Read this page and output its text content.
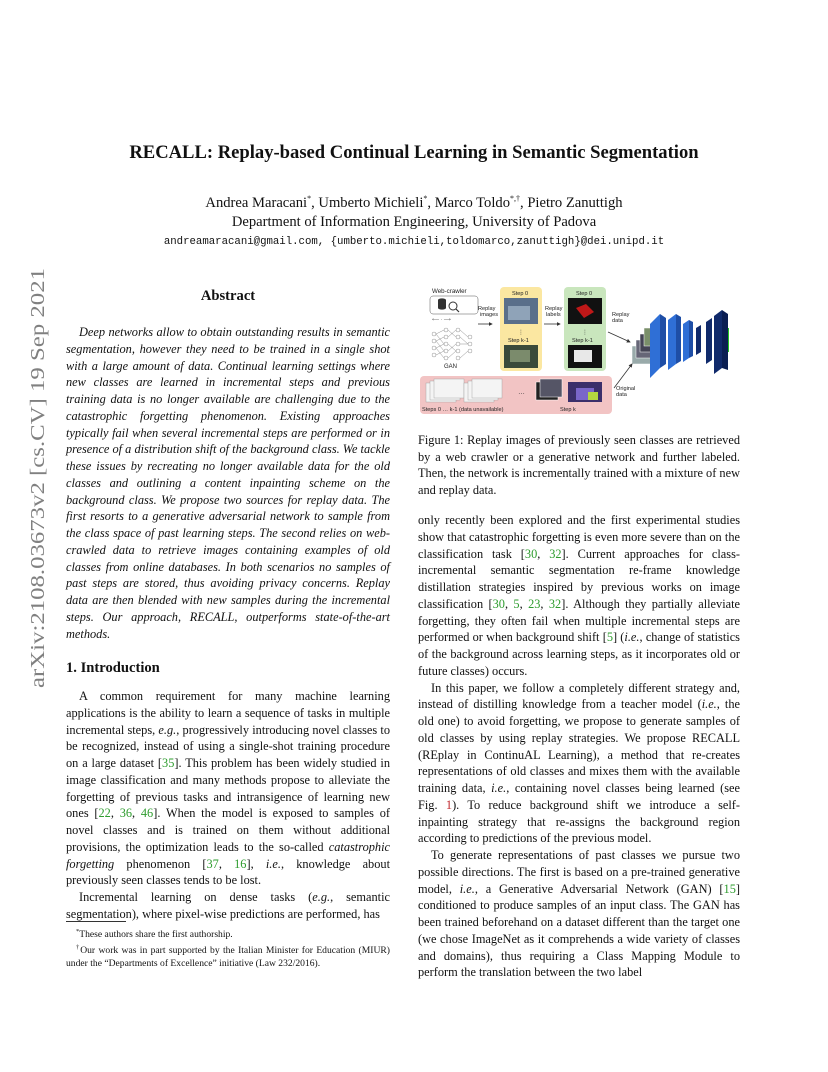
arXiv:2108.03673v2 [cs.CV] 19 Sep 2021
RECALL: Replay-based Continual Learning in Semantic Segmentation
Andrea Maracani*, Umberto Michieli*, Marco Toldo*,†, Pietro Zanuttigh
Department of Information Engineering, University of Padova
andreamaracani@gmail.com, {umberto.michieli,toldomarco,zanuttigh}@dei.unipd.it
Abstract

Deep networks allow to obtain outstanding results in semantic segmentation, however they need to be trained in a single shot with a large amount of data. Continual learning settings where new classes are learned in incremental steps and previous training data is no longer available are challenging due to the catastrophic forgetting phenomenon. Existing approaches typically fail when several incremental steps are performed or in presence of a distribution shift of the background class. We tackle these issues by recreating no longer available data for the old classes and outlining a content inpainting scheme on the background class. We propose two sources for replay data. The first resorts to a generative adversarial network to sample from the class space of past learning steps. The second relies on web-crawled data to retrieve images containing examples of old classes from online databases. In both scenarios no samples of past steps are stored, thus avoiding privacy concerns. Replay data are then blended with new samples during the incremental steps. Our approach, RECALL, outperforms state-of-the-art methods.

1. Introduction

A common requirement for many machine learning applications is the ability to learn a sequence of tasks in multiple incremental steps, e.g., progressively introducing novel classes to be recognized, instead of using a single-shot training procedure on a large dataset [35]. This problem has been widely studied in image classification and many methods propose to alleviate the forgetting of previous tasks and intransigence of learning new ones [22, 36, 46]. When the model is exposed to samples of novel classes and is trained on them without additional provisions, the optimization leads to the so-called catastrophic forgetting phenomenon [37, 16], i.e., knowledge about previously seen classes tends to be lost.

Incremental learning on dense tasks (e.g., semantic segmentation), where pixel-wise predictions are performed, has

*These authors share the first authorship.

†Our work was in part supported by the Italian Minister for Education (MIUR) under the “Departments of Excellence” initiative (Law 232/2016).

Web-crawler
⟵ · ⟶
GAN
Replay images
Step 0
⋮
Step k-1
Replay labels
Step 0
⋮
Step k-1
Replay data
Original data
…
Steps 0 … k-1 (data unavailable)	Step k

Figure 1: Replay images of previously seen classes are retrieved by a web crawler or a generative network and further labeled. Then, the network is incrementally trained with a mixture of new and replay data.

only recently been explored and the first experimental studies show that catastrophic forgetting is even more severe than on the classification task [30, 32]. Current approaches for class-incremental semantic segmentation re-frame knowledge distillation strategies inspired by previous works on image classification [30, 5, 23, 32]. Although they partially alleviate forgetting, they often fail when multiple incremental steps are performed or when background shift [5] (i.e., change of statistics of the background across learning steps, as it incorporates old or future classes) occurs.

In this paper, we follow a completely different strategy and, instead of distilling knowledge from a teacher model (i.e., the old one) to avoid forgetting, we propose to generate samples of old classes by using replay strategies. We propose RECALL (REplay in ContinuAL Learning), a method that re-creates representations of old classes and mixes them with the available training data, i.e., containing novel classes being learned (see Fig. 1). To reduce background shift we introduce a self-inpainting strategy that re-assigns the background region according to predictions of the previous model.

To generate representations of past classes we pursue two possible directions. The first is based on a pre-trained generative model, i.e., a Generative Adversarial Network (GAN) [15] conditioned to produce samples of an input class. The GAN has been trained beforehand on a dataset different than the target one (we chose ImageNet as it comprehends a wide variety of classes and domains), thus requiring a Class Mapping Module to perform the translation between the two label
